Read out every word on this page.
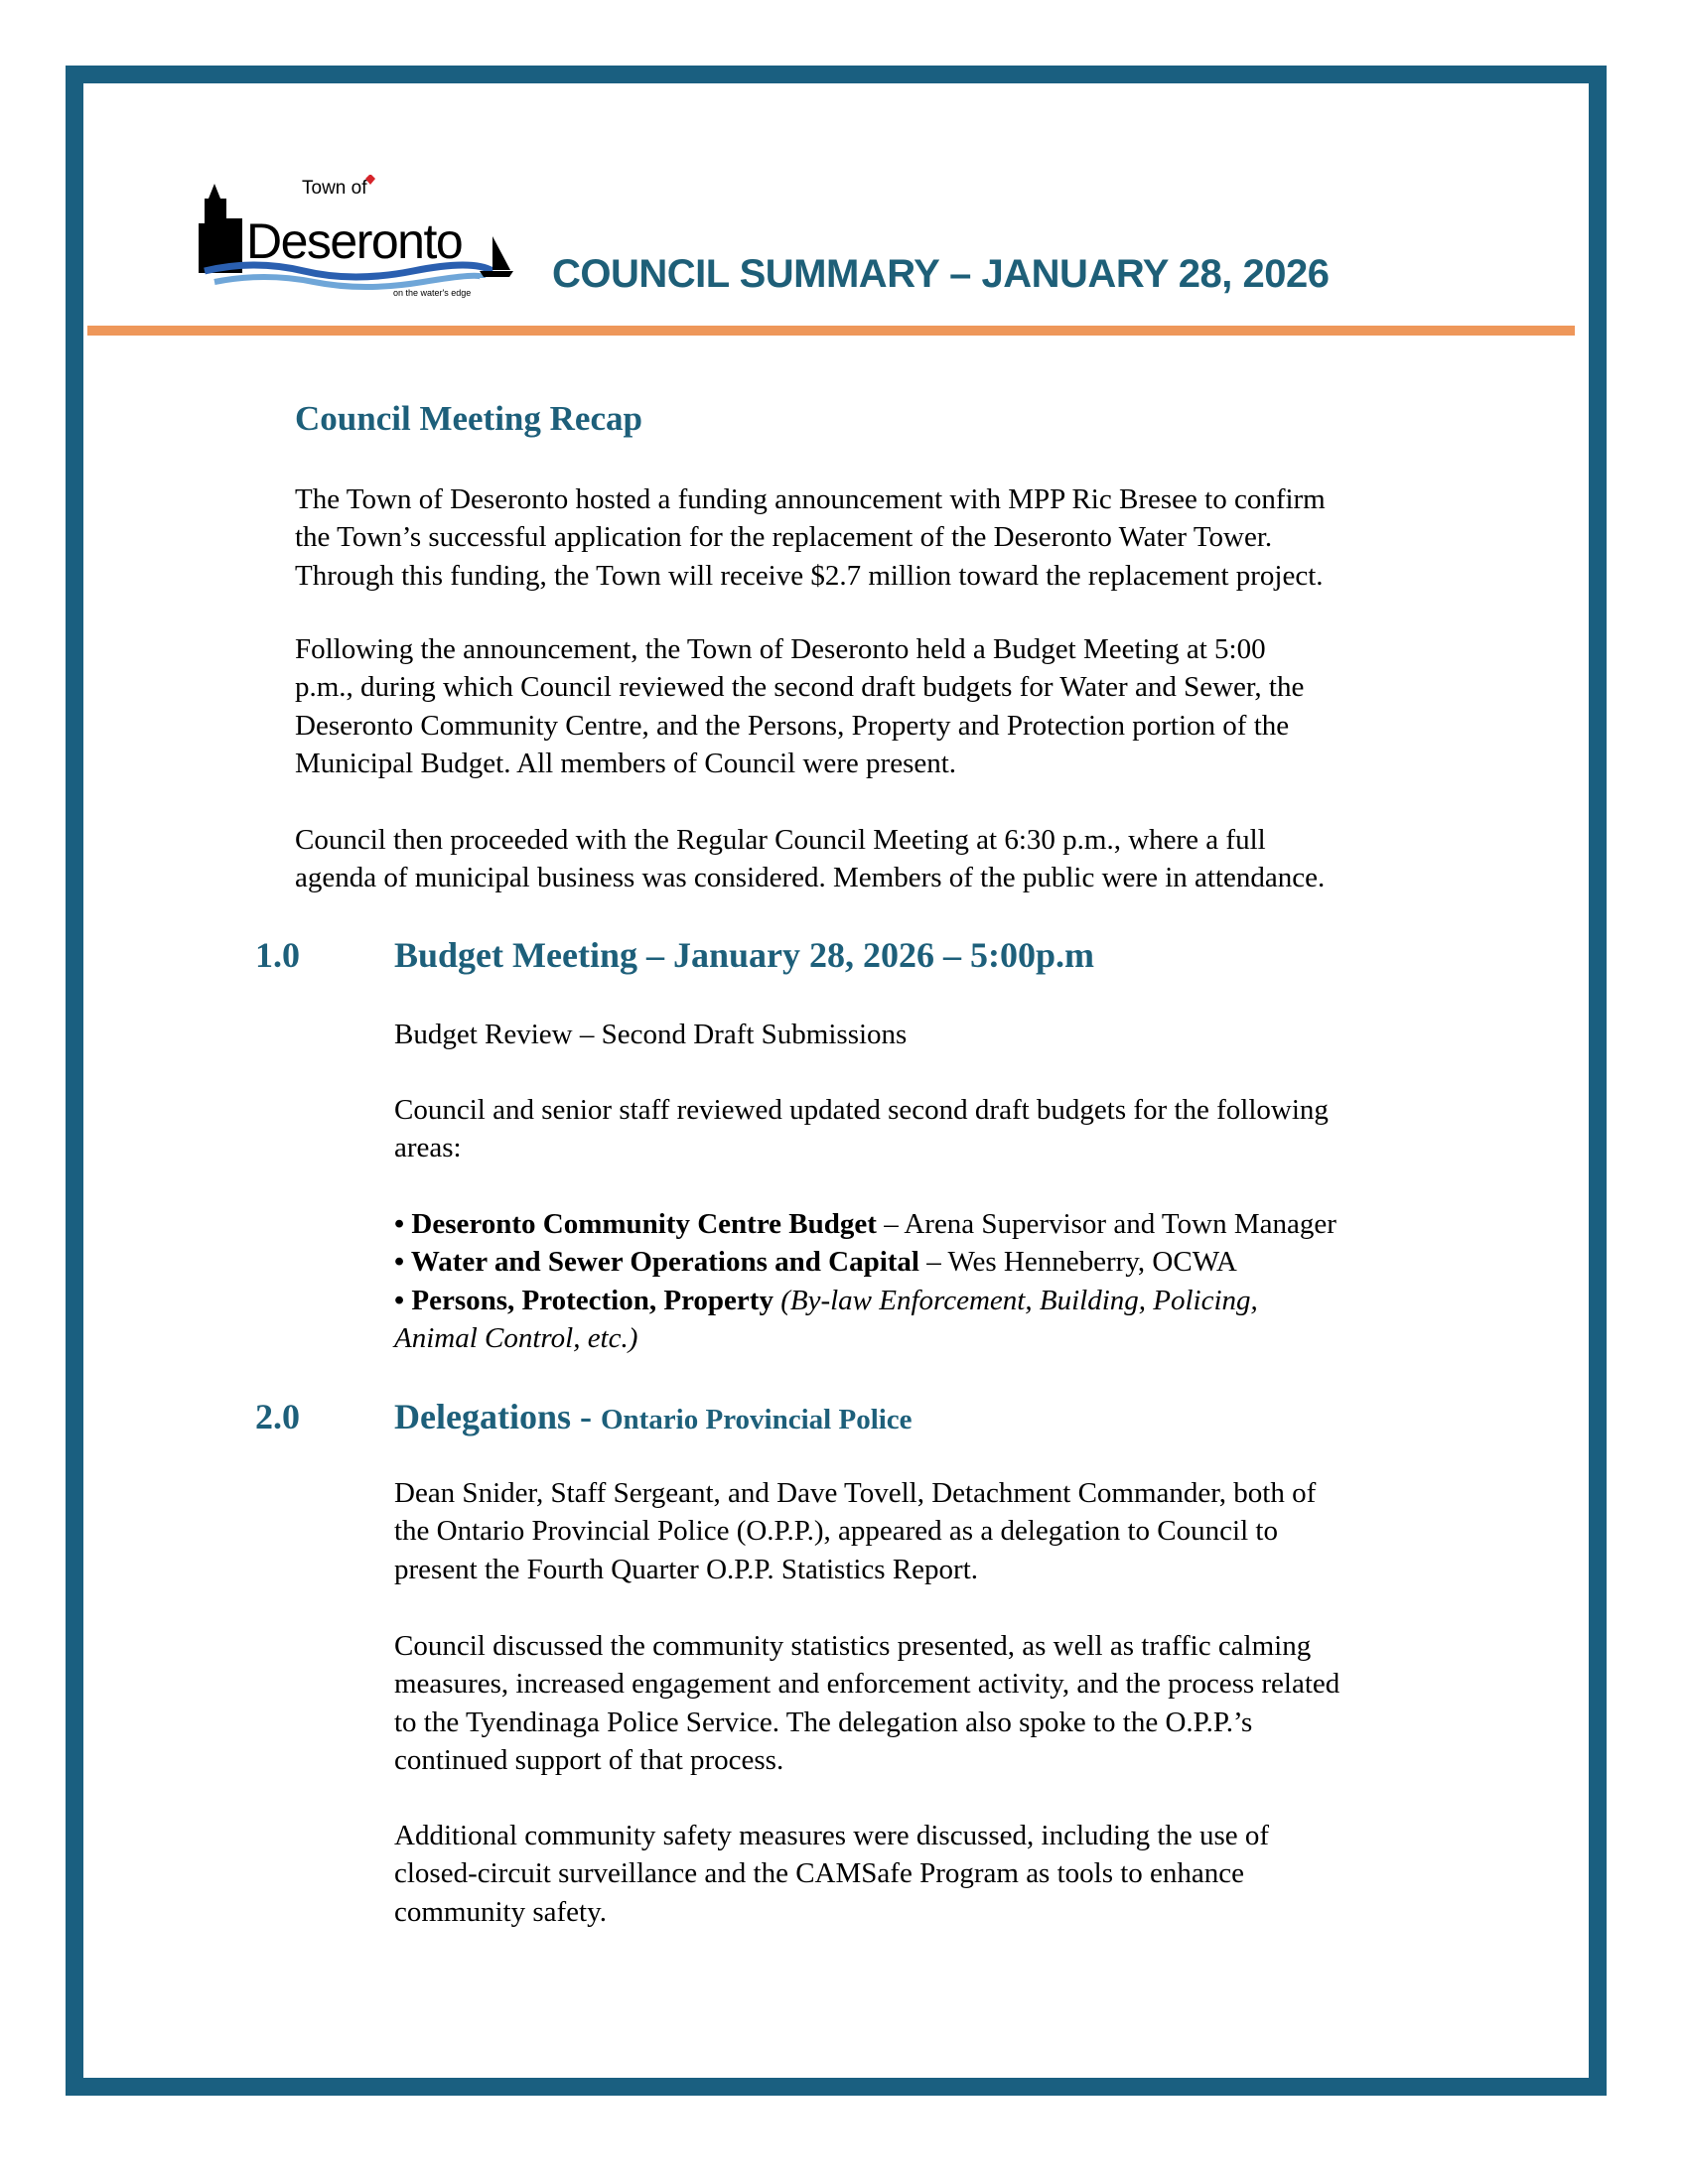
Town of
Deseronto
on the water's edge COUNCIL SUMMARY – JANUARY 28, 2026
Council Meeting Recap
The Town of Deseronto hosted a funding announcement with MPP Ric Bresee to confirm
the Town’s successful application for the replacement of the Deseronto Water Tower.
Through this funding, the Town will receive $2.7 million toward the replacement project.
Following the announcement, the Town of Deseronto held a Budget Meeting at 5:00
p.m., during which Council reviewed the second draft budgets for Water and Sewer, the
Deseronto Community Centre, and the Persons, Property and Protection portion of the
Municipal Budget. All members of Council were present.
Council then proceeded with the Regular Council Meeting at 6:30 p.m., where a full
agenda of municipal business was considered. Members of the public were in attendance.
1.0	Budget Meeting – January 28, 2026 – 5:00p.m
Budget Review – Second Draft Submissions
Council and senior staff reviewed updated second draft budgets for the following
areas:
• Deseronto Community Centre Budget – Arena Supervisor and Town Manager
• Water and Sewer Operations and Capital – Wes Henneberry, OCWA
• Persons, Protection, Property (By-law Enforcement, Building, Policing,
Animal Control, etc.)
2.0	Delegations - Ontario Provincial Police
Dean Snider, Staff Sergeant, and Dave Tovell, Detachment Commander, both of
the Ontario Provincial Police (O.P.P.), appeared as a delegation to Council to
present the Fourth Quarter O.P.P. Statistics Report.
Council discussed the community statistics presented, as well as traffic calming
measures, increased engagement and enforcement activity, and the process related
to the Tyendinaga Police Service. The delegation also spoke to the O.P.P.’s
continued support of that process.
Additional community safety measures were discussed, including the use of
closed-circuit surveillance and the CAMSafe Program as tools to enhance
community safety.
